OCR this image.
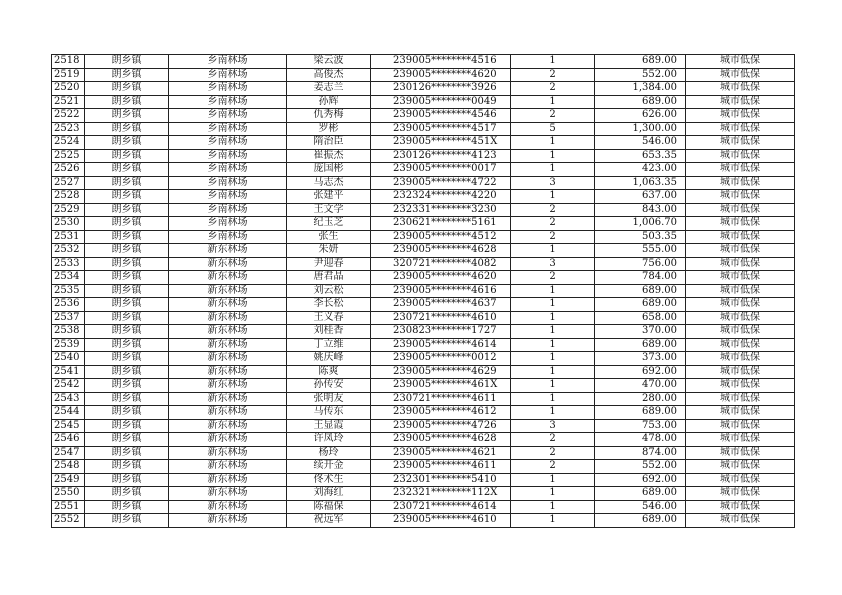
2518	朗乡镇	乡南林场	梁云波	239005********4516	1	689.00	城市低保
2519	朗乡镇	乡南林场	高俊杰	239005********4620	2	552.00	城市低保
2520	朗乡镇	乡南林场	姜志兰	230126********3926	2	1,384.00	城市低保
2521	朗乡镇	乡南林场	孙辉	239005********0049	1	689.00	城市低保
2522	朗乡镇	乡南林场	仇秀梅	239005********4546	2	626.00	城市低保
2523	朗乡镇	乡南林场	罗彬	239005********4517	5	1,300.00	城市低保
2524	朗乡镇	乡南林场	隋治臣	239005********451X	1	546.00	城市低保
2525	朗乡镇	乡南林场	崔振杰	230126********4123	1	653.35	城市低保
2526	朗乡镇	乡南林场	庞国彬	239005********0017	1	423.00	城市低保
2527	朗乡镇	乡南林场	马志杰	239005********4722	3	1,063.35	城市低保
2528	朗乡镇	乡南林场	张建平	232324********4220	1	637.00	城市低保
2529	朗乡镇	乡南林场	王文学	232331********3230	2	843.00	城市低保
2530	朗乡镇	乡南林场	纪玉芝	230621********5161	2	1,006.70	城市低保
2531	朗乡镇	乡南林场	张生	239005********4512	2	503.35	城市低保
2532	朗乡镇	新东林场	朱妍	239005********4628	1	555.00	城市低保
2533	朗乡镇	新东林场	尹迎春	320721********4082	3	756.00	城市低保
2534	朗乡镇	新东林场	唐君晶	239005********4620	2	784.00	城市低保
2535	朗乡镇	新东林场	刘云松	239005********4616	1	689.00	城市低保
2536	朗乡镇	新东林场	李长松	239005********4637	1	689.00	城市低保
2537	朗乡镇	新东林场	王义春	230721********4610	1	658.00	城市低保
2538	朗乡镇	新东林场	刘桂香	230823********1727	1	370.00	城市低保
2539	朗乡镇	新东林场	丁立维	239005********4614	1	689.00	城市低保
2540	朗乡镇	新东林场	姚庆峰	239005********0012	1	373.00	城市低保
2541	朗乡镇	新东林场	陈爽	239005********4629	1	692.00	城市低保
2542	朗乡镇	新东林场	孙传安	239005********461X	1	470.00	城市低保
2543	朗乡镇	新东林场	张明友	230721********4611	1	280.00	城市低保
2544	朗乡镇	新东林场	马传东	239005********4612	1	689.00	城市低保
2545	朗乡镇	新东林场	王显霞	239005********4726	3	753.00	城市低保
2546	朗乡镇	新东林场	许凤玲	239005********4628	2	478.00	城市低保
2547	朗乡镇	新东林场	杨玲	239005********4621	2	874.00	城市低保
2548	朗乡镇	新东林场	续开金	239005********4611	2	552.00	城市低保
2549	朗乡镇	新东林场	佟术生	232301********5410	1	692.00	城市低保
2550	朗乡镇	新东林场	刘海红	232321********112X	1	689.00	城市低保
2551	朗乡镇	新东林场	陈福保	230721********4614	1	546.00	城市低保
2552	朗乡镇	新东林场	祝远军	239005********4610	1	689.00	城市低保
